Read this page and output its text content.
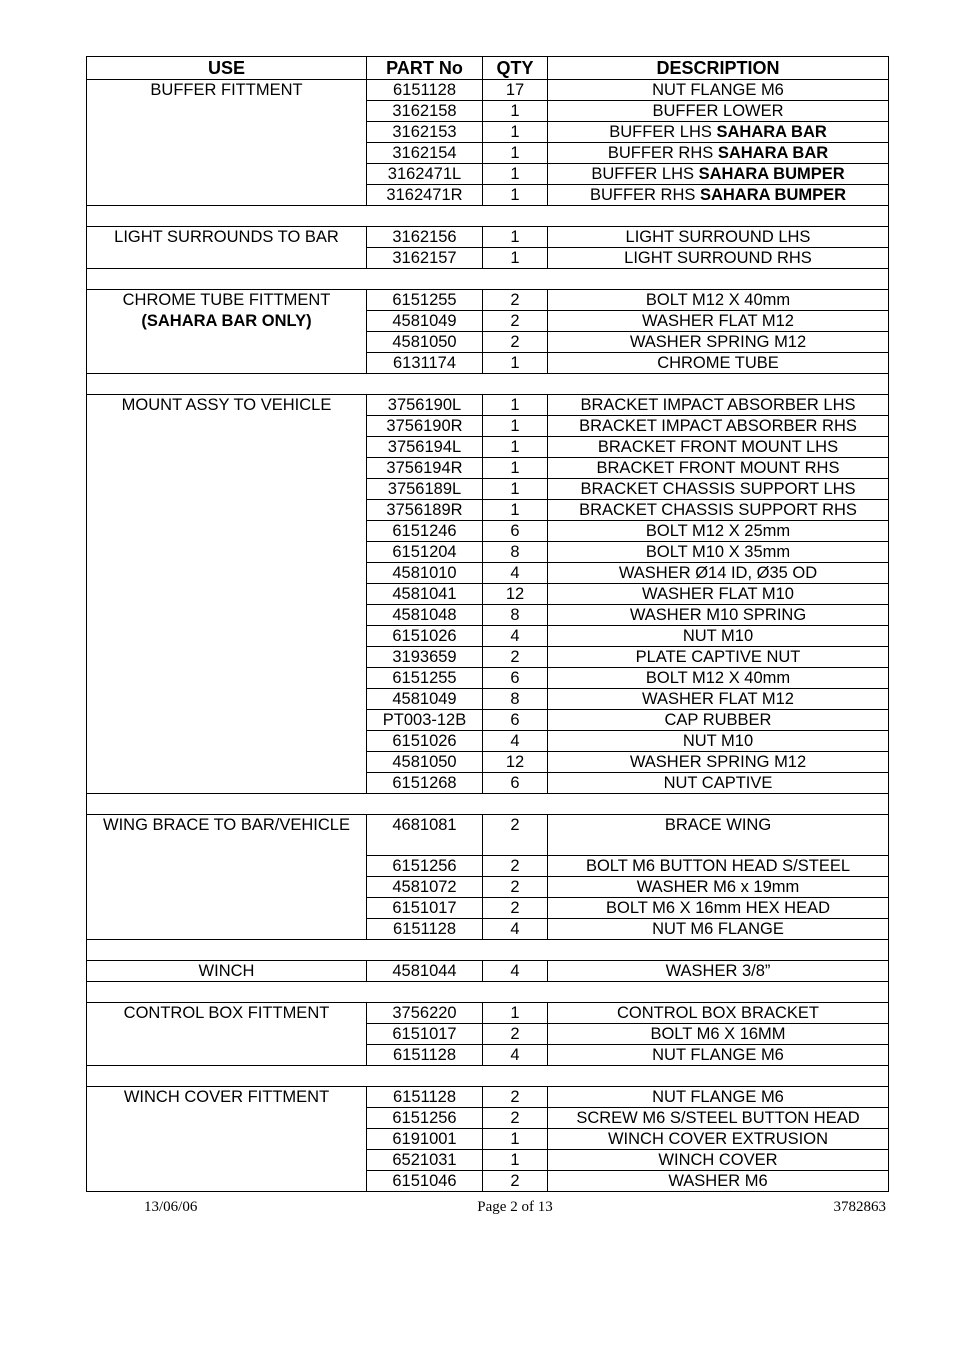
USE	PART No	QTY	DESCRIPTION
BUFFER FITTMENT	6151128	17	NUT FLANGE M6
	3162158	1	BUFFER LOWER
	3162153	1	BUFFER LHS SAHARA BAR
	3162154	1	BUFFER RHS SAHARA BAR
	3162471L	1	BUFFER LHS SAHARA BUMPER
	3162471R	1	BUFFER RHS SAHARA BUMPER

LIGHT SURROUNDS TO BAR	3162156	1	LIGHT SURROUND LHS
	3162157	1	LIGHT SURROUND RHS

CHROME TUBE FITTMENT	6151255	2	BOLT M12 X 40mm
(SAHARA BAR ONLY)	4581049	2	WASHER FLAT M12
	4581050	2	WASHER SPRING M12
	6131174	1	CHROME TUBE

MOUNT ASSY TO VEHICLE	3756190L	1	BRACKET IMPACT ABSORBER LHS
	3756190R	1	BRACKET IMPACT ABSORBER RHS
	3756194L	1	BRACKET FRONT MOUNT LHS
	3756194R	1	BRACKET FRONT MOUNT RHS
	3756189L	1	BRACKET CHASSIS SUPPORT LHS
	3756189R	1	BRACKET CHASSIS SUPPORT RHS
	6151246	6	BOLT M12 X 25mm
	6151204	8	BOLT M10 X 35mm
	4581010	4	WASHER Ø14 ID, Ø35 OD
	4581041	12	WASHER FLAT M10
	4581048	8	WASHER M10 SPRING
	6151026	4	NUT M10
	3193659	2	PLATE CAPTIVE NUT
	6151255	6	BOLT M12 X 40mm
	4581049	8	WASHER FLAT M12
	PT003-12B	6	CAP RUBBER
	6151026	4	NUT M10
	4581050	12	WASHER SPRING M12
	6151268	6	NUT CAPTIVE

WING BRACE TO BAR/VEHICLE	4681081	2	BRACE WING
	6151256	2	BOLT M6 BUTTON HEAD S/STEEL
	4581072	2	WASHER M6 x 19mm
	6151017	2	BOLT M6 X 16mm HEX HEAD
	6151128	4	NUT M6 FLANGE

WINCH	4581044	4	WASHER 3/8”

CONTROL BOX FITTMENT	3756220	1	CONTROL BOX BRACKET
	6151017	2	BOLT M6 X 16MM
	6151128	4	NUT FLANGE M6

WINCH COVER FITTMENT	6151128	2	NUT FLANGE M6
	6151256	2	SCREW M6 S/STEEL BUTTON HEAD
	6191001	1	WINCH COVER EXTRUSION
	6521031	1	WINCH COVER
	6151046	2	WASHER M6
13/06/06	Page 2 of 13	3782863
